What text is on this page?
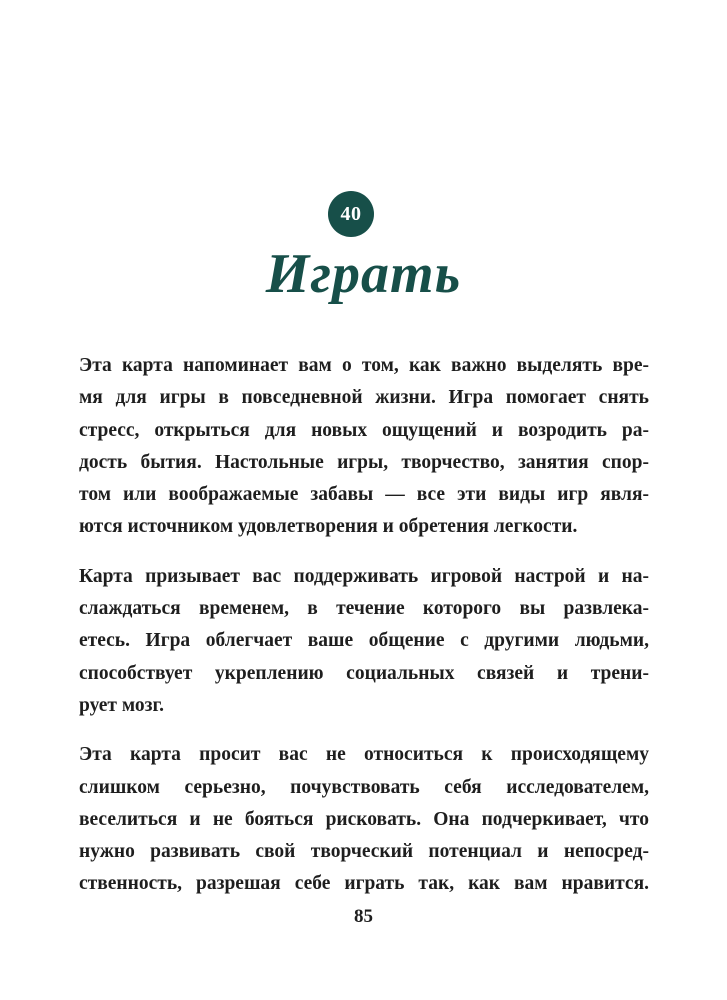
40
Играть

Эта карта напоминает вам о том, как важно выделять вре-
мя для игры в повседневной жизни. Игра помогает снять
стресс, открыться для новых ощущений и возродить ра-
дость бытия. Настольные игры, творчество, занятия спор-
том или воображаемые забавы — все эти виды игр явля-
ются источником удовлетворения и обретения легкости.

Карта призывает вас поддерживать игровой настрой и на-
слаждаться временем, в течение которого вы развлека-
етесь. Игра облегчает ваше общение с другими людьми,
способствует укреплению социальных связей и трени-
рует мозг.

Эта карта просит вас не относиться к происходящему
слишком серьезно, почувствовать себя исследователем,
веселиться и не бояться рисковать. Она подчеркивает, что
нужно развивать свой творческий потенциал и непосред-
ственность, разрешая себе играть так, как вам нравится.

85
